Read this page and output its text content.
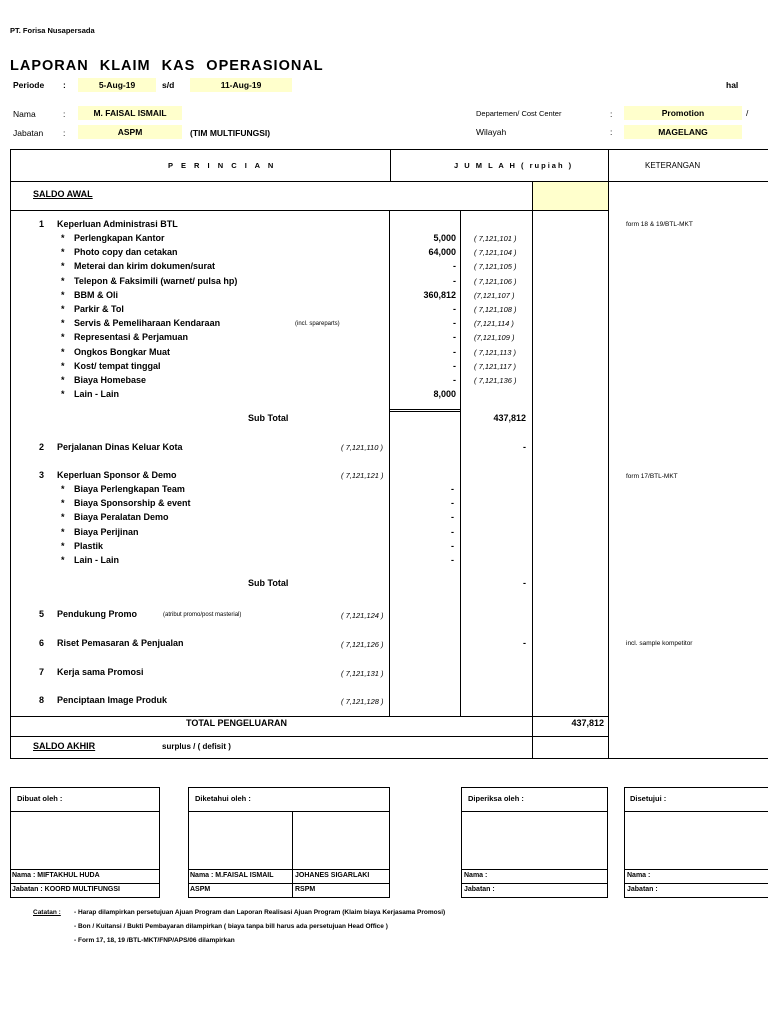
PT. Forisa Nusapersada
LAPORAN KLAIM KAS OPERASIONAL
Periode :	5-Aug-19	s/d	11-Aug-19	hal
Nama	:	M. FAISAL ISMAIL
Jabatan :	ASPM	(TIM MULTIFUNGSI)
Departemen/ Cost Center	:	Promotion	/
Wilayah	:	MAGELANG
P E R I N C I A N	J U M L A H ( rupiah )	KETERANGAN
SALDO AWAL
1 Keperluan Administrasi BTL	form 18 & 19/BTL-MKT
* Perlengkapan Kantor	5,000 ( 7,121,101 )
* Photo copy dan cetakan	64,000 ( 7,121,104 )
* Meterai dan kirim dokumen/surat	- ( 7,121,105 )
* Telepon & Faksimili (warnet/ pulsa hp)	- ( 7,121,106 )
* BBM & Oli	360,812 (7,121,107 )
* Parkir & Tol	- ( 7,121,108 )
* Servis & Pemeliharaan Kendaraan	- (7,121,114 )
* Representasi & Perjamuan	- (7,121,109 )
* Ongkos Bongkar Muat	- ( 7,121,113 )
* Kost/ tempat tinggal	- ( 7,121,117 )
* Biaya Homebase	- ( 7,121,136 )
* Lain - Lain	8,000
(incl. spareparts)
Sub Total	437,812
2 Perjalanan Dinas Keluar Kota	( 7,121,110 )	-
3 Keperluan Sponsor & Demo	( 7,121,121 )	form 17/BTL-MKT
* Biaya Perlengkapan Team	-
* Biaya Sponsorship & event	-
* Biaya Peralatan Demo	-
* Biaya Perijinan	-
* Plastik	-
* Lain - Lain	-
Sub Total	-
5 Pendukung Promo	(atribut promo/post masterial)	( 7,121,124 )
6 Riset Pemasaran & Penjualan	( 7,121,126 )	-	incl. sample kompetitor
7 Kerja sama Promosi	( 7,121,131 )
8 Penciptaan Image Produk	( 7,121,128 )
TOTAL PENGELUARAN	437,812
SALDO AKHIR	surplus / ( defisit )
Dibuat oleh :
Nama : MIFTAKHUL HUDA
Jabatan : KOORD MULTIFUNGSI
Diketahui oleh :
Nama : M.FAISAL ISMAIL
ASPM
JOHANES SIGARLAKI
RSPM
Diperiksa oleh :
Nama :
Jabatan :
Disetujui :
Nama :
Jabatan :
Catatan : - Harap dilampirkan persetujuan Ajuan Program dan Laporan Realisasi Ajuan Program (Klaim biaya Kerjasama Promosi)
- Bon / Kuitansi / Bukti Pembayaran dilampirkan ( biaya tanpa bill harus ada persetujuan Head Office )
- Form 17, 18, 19 /BTL-MKT/FNP/APS/06 dilampirkan
